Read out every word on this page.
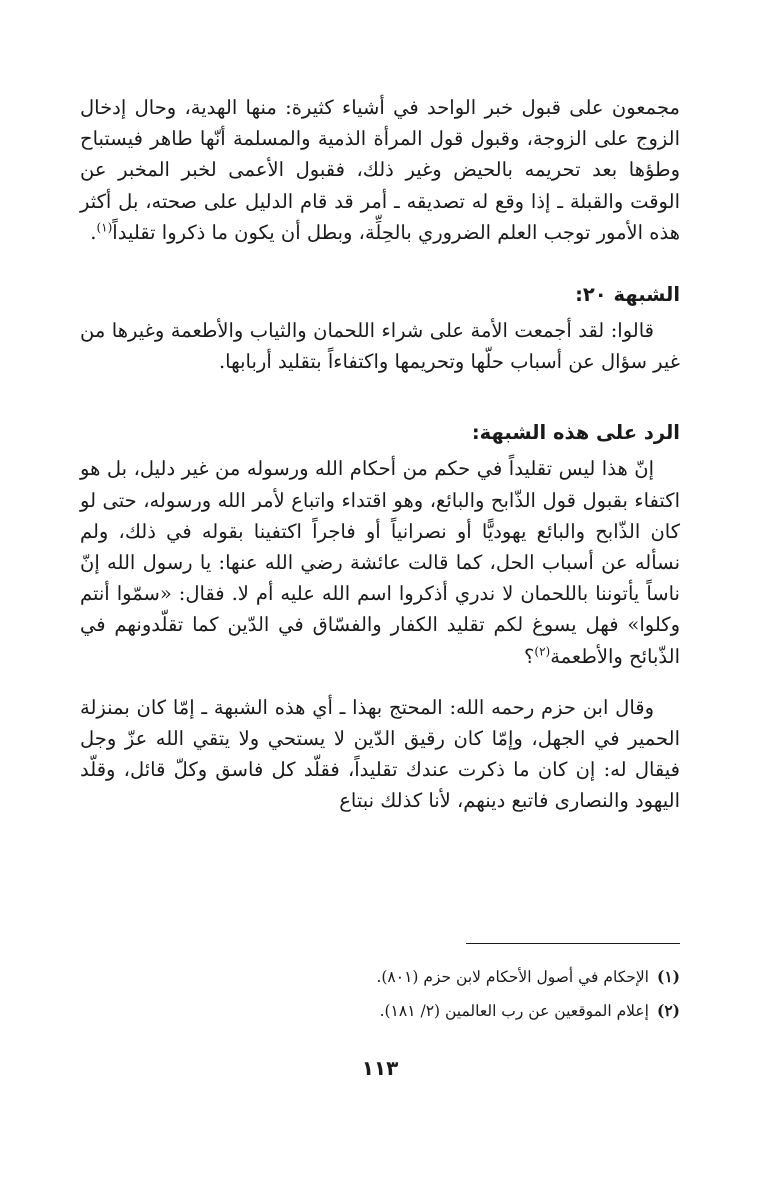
مجمعون على قبول خبر الواحد في أشياء كثيرة: منها الهدية، وحال إدخال الزوج على الزوجة، وقبول قول المرأة الذمية والمسلمة أنّها طاهر فيستباح وطؤها بعد تحريمه بالحيض وغير ذلك، فقبول الأعمى لخبر المخبر عن الوقت والقبلة ـ إذا وقع له تصديقه ـ أمر قد قام الدليل على صحته، بل أكثر هذه الأمور توجب العلم الضروري بالحِلِّة، وبطل أن يكون ما ذكروا تقليداً$^{(١)}$.

الشبهة ٢٠:

قالوا: لقد أجمعت الأمة على شراء اللحمان والثياب والأطعمة وغيرها من غير سؤال عن أسباب حلّها وتحريمها واكتفاءاً بتقليد أربابها.

الرد على هذه الشبهة:

إنّ هذا ليس تقليداً في حكم من أحكام الله ورسوله من غير دليل، بل هو اكتفاء بقبول قول الذّابح والبائع، وهو اقتداء واتباع لأمر الله ورسوله، حتى لو كان الذّابح والبائع يهوديًّا أو نصرانياً أو فاجراً اكتفينا بقوله في ذلك، ولم نسأله عن أسباب الحل، كما قالت عائشة رضي الله عنها: يا رسول الله إنّ ناساً يأتوننا باللحمان لا ندري أذكروا اسم الله عليه أم لا. فقال: «سمّوا أنتم وكلوا» فهل يسوغ لكم تقليد الكفار والفسّاق في الدّين كما تقلّدونهم في الذّبائح والأطعمة$^{(٢)}$؟

وقال ابن حزم رحمه الله: المحتج بهذا ـ أي هذه الشبهة ـ إمّا كان بمنزلة الحمير في الجهل، وإمّا كان رقيق الدّين لا يستحي ولا يتقي الله عزّ وجل فيقال له: إن كان ما ذكرت عندك تقليداً، فقلّد كل فاسق وكلّ قائل، وقلّد اليهود والنصارى فاتبع دينهم، لأنا كذلك نبتاع

(١)الإحكام في أصول الأحكام لابن حزم (٨٠١).

(٢)إعلام الموقعين عن رب العالمين (٢/ ١٨١).

١١٣
